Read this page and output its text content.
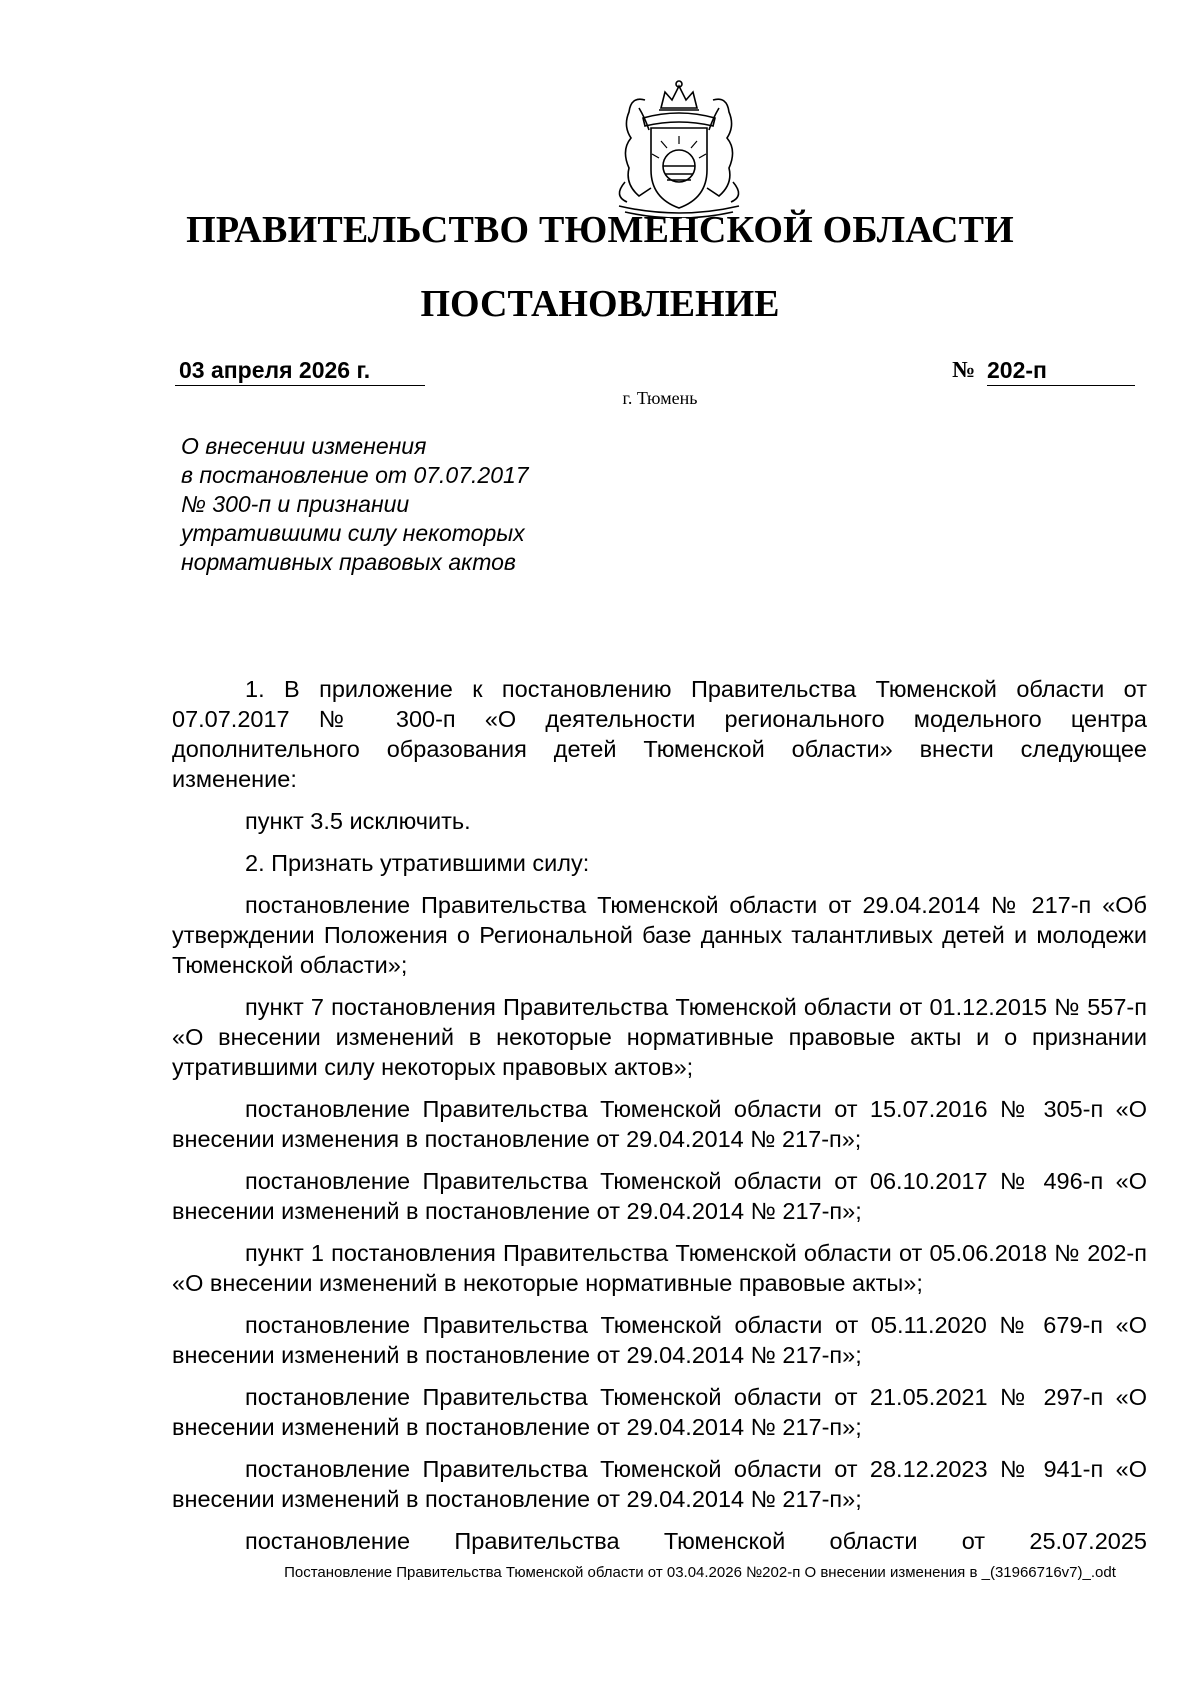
ПРАВИТЕЛЬСТВО ТЮМЕНСКОЙ ОБЛАСТИ
ПОСТАНОВЛЕНИЕ
03 апреля 2026 г.	№ 202-п
г. Тюмень
О внесении изменения
в постановление от 07.07.2017
№ 300-п и признании
утратившими силу некоторых
нормативных правовых актов

1. В приложение к постановлению Правительства Тюменской области от 07.07.2017 № 300-п «О деятельности регионального модельного центра дополнительного образования детей Тюменской области» внести следующее изменение:

пункт 3.5 исключить.

2. Признать утратившими силу:

постановление Правительства Тюменской области от 29.04.2014 № 217-п «Об утверждении Положения о Региональной базе данных талантливых детей и молодежи Тюменской области»;

пункт 7 постановления Правительства Тюменской области от 01.12.2015 № 557-п «О внесении изменений в некоторые нормативные правовые акты и о признании утратившими силу некоторых правовых актов»;

постановление Правительства Тюменской области от 15.07.2016 № 305-п «О внесении изменения в постановление от 29.04.2014 № 217-п»;

постановление Правительства Тюменской области от 06.10.2017 № 496-п «О внесении изменений в постановление от 29.04.2014 № 217-п»;

пункт 1 постановления Правительства Тюменской области от 05.06.2018 № 202-п «О внесении изменений в некоторые нормативные правовые акты»;

постановление Правительства Тюменской области от 05.11.2020 № 679-п «О внесении изменений в постановление от 29.04.2014 № 217-п»;

постановление Правительства Тюменской области от 21.05.2021 № 297-п «О внесении изменений в постановление от 29.04.2014 № 217-п»;

постановление Правительства Тюменской области от 28.12.2023 № 941-п «О внесении изменений в постановление от 29.04.2014 № 217-п»;

постановление Правительства Тюменской области от 25.07.2025

Постановление Правительства Тюменской области от 03.04.2026 №202-п О внесении изменения в _(31966716v7)_.odt
